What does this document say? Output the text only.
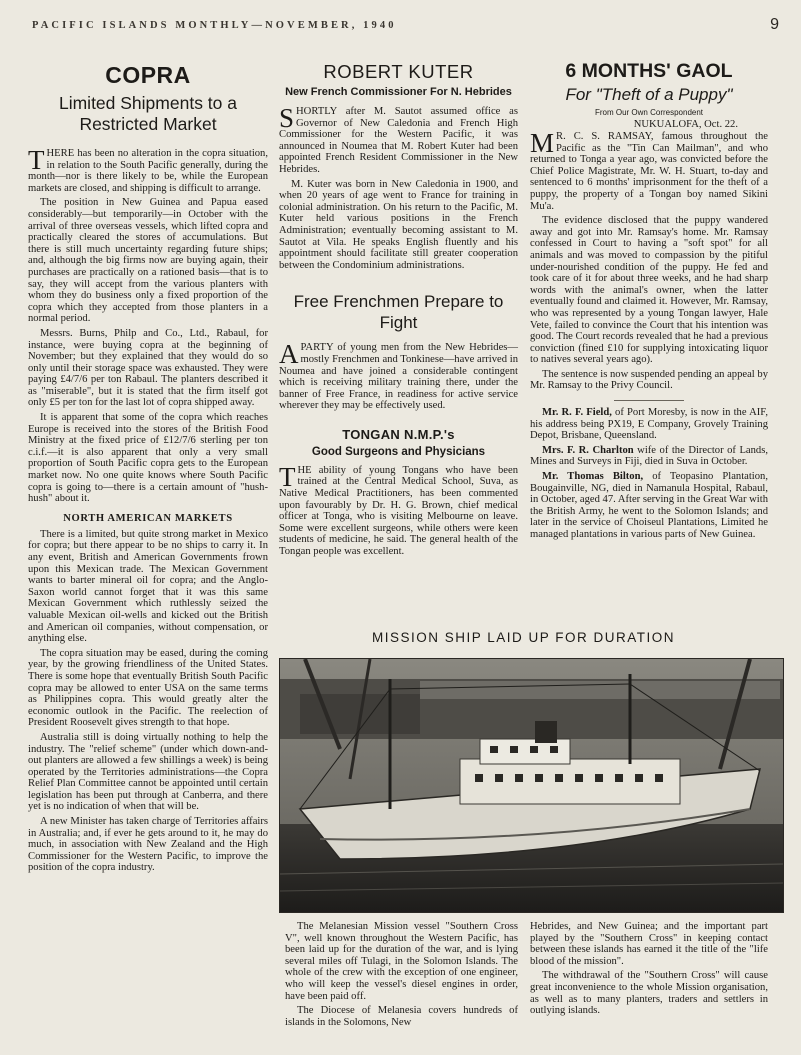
PACIFIC ISLANDS MONTHLY—NOVEMBER, 1940	9
COPRA
Limited Shipments to a Restricted Market

THERE has been no alteration in the copra situation, in relation to the South Pacific generally, during the month—nor is there likely to be, while the European markets are closed, and shipping is difficult to arrange.

The position in New Guinea and Papua eased considerably—but temporarily—in October with the arrival of three overseas vessels, which lifted copra and practically cleared the stores of accumulations. But there is still much uncertainty regarding future ships; and, although the big firms now are buying again, their purchases are practically on a rationed basis—that is to say, they will accept from the various planters with whom they do business only a fixed proportion of the copra which they accepted from those planters in a normal period.

Messrs. Burns, Philp and Co., Ltd., Rabaul, for instance, were buying copra at the beginning of November; but they explained that they would do so only until their storage space was exhausted. They were paying £4/7/6 per ton Rabaul. The planters described it as "miserable", but it is stated that the firm itself got only £5 per ton for the last lot of copra shipped away.

It is apparent that some of the copra which reaches Europe is received into the stores of the British Food Ministry at the fixed price of £12/7/6 sterling per ton c.i.f.—it is also apparent that only a very small proportion of South Pacific copra gets to the European market now. No one quite knows where South Pacific copra is going to—there is a certain amount of "hush-hush" about it.

NORTH AMERICAN MARKETS

There is a limited, but quite strong market in Mexico for copra; but there appear to be no ships to carry it. In any event, British and American Governments frown upon this Mexican trade. The Mexican Government wants to barter mineral oil for copra; and the Anglo-Saxon world cannot forget that it was this same Mexican Government which ruthlessly seized the valuable Mexican oil-wells and kicked out the British and American oil companies, without compensation, or anything else.

The copra situation may be eased, during the coming year, by the growing friendliness of the United States. There is some hope that eventually British South Pacific copra may be allowed to enter USA on the same terms as Philippines copra. This would greatly alter the economic outlook in the Pacific. The reelection of President Roosevelt gives strength to that hope.

Australia still is doing virtually nothing to help the industry. The "relief scheme" (under which down-and-out planters are allowed a few shillings a week) is being operated by the Territories administrations—the Copra Relief Plan Committee cannot be appointed until certain legislation has been put through at Canberra, and there yet is no indication of when that will be.

A new Minister has taken charge of Territories affairs in Australia; and, if ever he gets around to it, he may do much, in association with New Zealand and the High Commissioner for the Western Pacific, to improve the position of the copra industry.

ROBERT KUTER
New French Commissioner For N. Hebrides

SHORTLY after M. Sautot assumed office as Governor of New Caledonia and French High Commissioner for the Western Pacific, it was announced in Noumea that M. Robert Kuter had been appointed French Resident Commissioner in the New Hebrides.

M. Kuter was born in New Caledonia in 1900, and when 20 years of age went to France for training in colonial administration. On his return to the Pacific, M. Kuter held various positions in the French Administration; eventually becoming assistant to M. Sautot at Vila. He speaks English fluently and his appointment should facilitate still greater cooperation between the Condominium administrations.

Free Frenchmen Prepare to Fight

APARTY of young men from the New Hebrides—mostly Frenchmen and Tonkinese—have arrived in Noumea and have joined a considerable contingent which is receiving military training there, under the banner of Free France, in readiness for active service wherever they may be effectively used.

TONGAN N.M.P.'s
Good Surgeons and Physicians

THE ability of young Tongans who have been trained at the Central Medical School, Suva, as Native Medical Practitioners, has been commented upon favourably by Dr. H. G. Brown, chief medical officer at Tonga, who is visiting Melbourne on leave. Some were excellent surgeons, while others were keen students of medicine, he said. The general health of the Tongan people was excellent.

6 MONTHS' GAOL
For "Theft of a Puppy"
From Our Own Correspondent
NUKUALOFA, Oct. 22.

M R. C. S. RAMSAY, famous throughout the Pacific as the "Tin Can Mailman", and who returned to Tonga a year ago, was convicted before the Chief Police Magistrate, Mr. W. H. Stuart, to-day and sentenced to 6 months' imprisonment for the theft of a puppy, the property of a Tongan boy named Sikini Mu'a.

The evidence disclosed that the puppy wandered away and got into Mr. Ramsay's home. Mr. Ramsay confessed in Court to having a "soft spot" for all animals and was moved to compassion by the pitiful under-nourished condition of the puppy. He fed and took care of it for about three weeks, and he had sharp words with the animal's owner, when the latter eventually found and claimed it. However, Mr. Ramsay, who was represented by a young Tongan lawyer, Hale Vete, failed to convince the Court that his intention was good. The Court records revealed that he had a previous conviction (fined £10 for supplying intoxicating liquor to natives several years ago).

The sentence is now suspended pending an appeal by Mr. Ramsay to the Privy Council.

Mr. R. F. Field, of Port Moresby, is now in the AIF, his address being PX19, E Company, Grovely Training Depot, Brisbane, Queensland.

Mrs. F. R. Charlton wife of the Director of Lands, Mines and Surveys in Fiji, died in Suva in October.

Mr. Thomas Bilton, of Teopasino Plantation, Bougainville, NG, died in Namanula Hospital, Rabaul, in October, aged 47. After serving in the Great War with the British Army, he went to the Solomon Islands; and later in the service of Choiseul Plantations, Limited he managed plantations in various parts of New Guinea.

MISSION SHIP LAID UP FOR DURATION

The Melanesian Mission vessel "Southern Cross V", well known throughout the Western Pacific, has been laid up for the duration of the war, and is lying several miles off Tulagi, in the Solomon Islands. The whole of the crew with the exception of one engineer, who will keep the vessel's diesel engines in order, have been paid off.

The Diocese of Melanesia covers hundreds of islands in the Solomons, New

Hebrides, and New Guinea; and the important part played by the "Southern Cross" in keeping contact between these islands has earned it the title of the "life blood of the mission".

The withdrawal of the "Southern Cross" will cause great inconvenience to the whole Mission organisation, as well as to many planters, traders and settlers in outlying islands.
